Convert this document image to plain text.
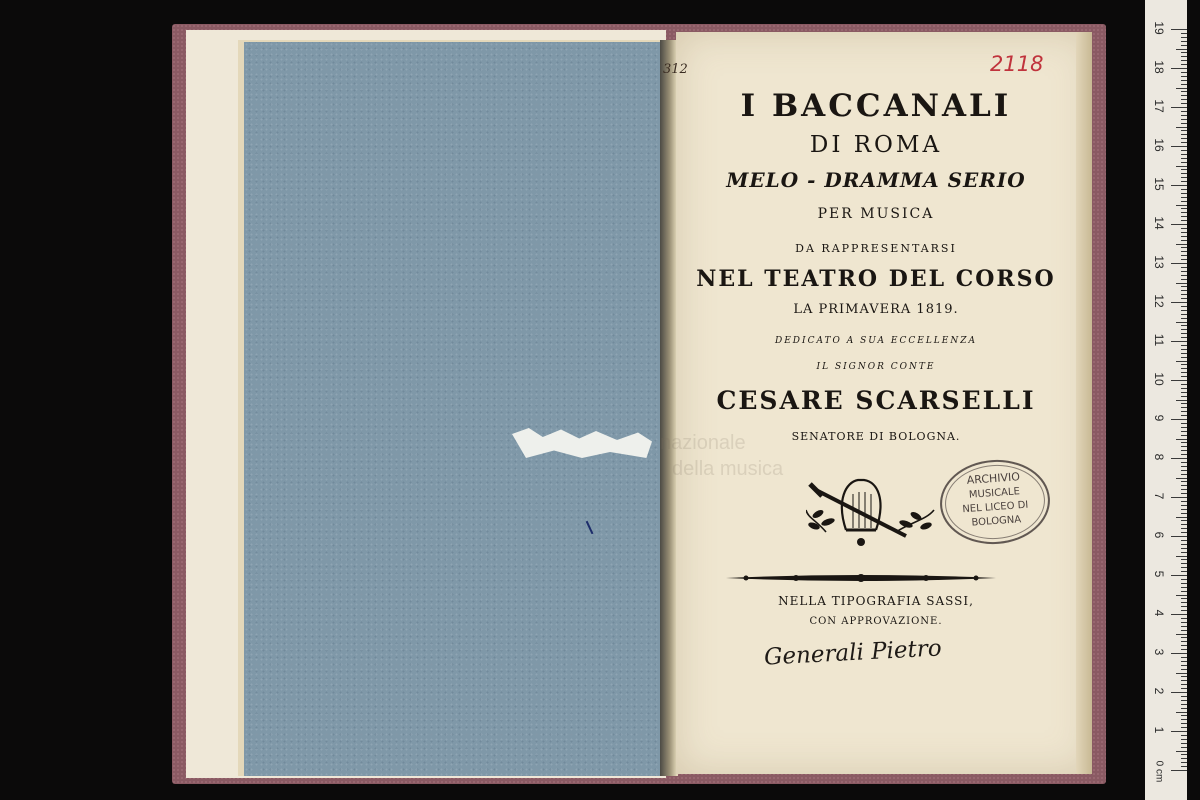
312	2118
nazionale
della musica
I BACCANALI
DI ROMA
MELO - DRAMMA SERIO
PER MUSICA
DA RAPPRESENTARSI
NEL TEATRO DEL CORSO
LA PRIMAVERA 1819.
DEDICATO A SUA ECCELLENZA
IL SIGNOR CONTE
CESARE SCARSELLI
SENATORE DI BOLOGNA.
NELLA TIPOGRAFIA SASSI,
CON APPROVAZIONE.
ARCHIVIO
MUSICALE
NEL LICEO DI
BOLOGNA
Generali Pietro
0 cm
1
2
3
4
5
6
7
8
9
10
11
12
13
14
15
16
17
18
19
